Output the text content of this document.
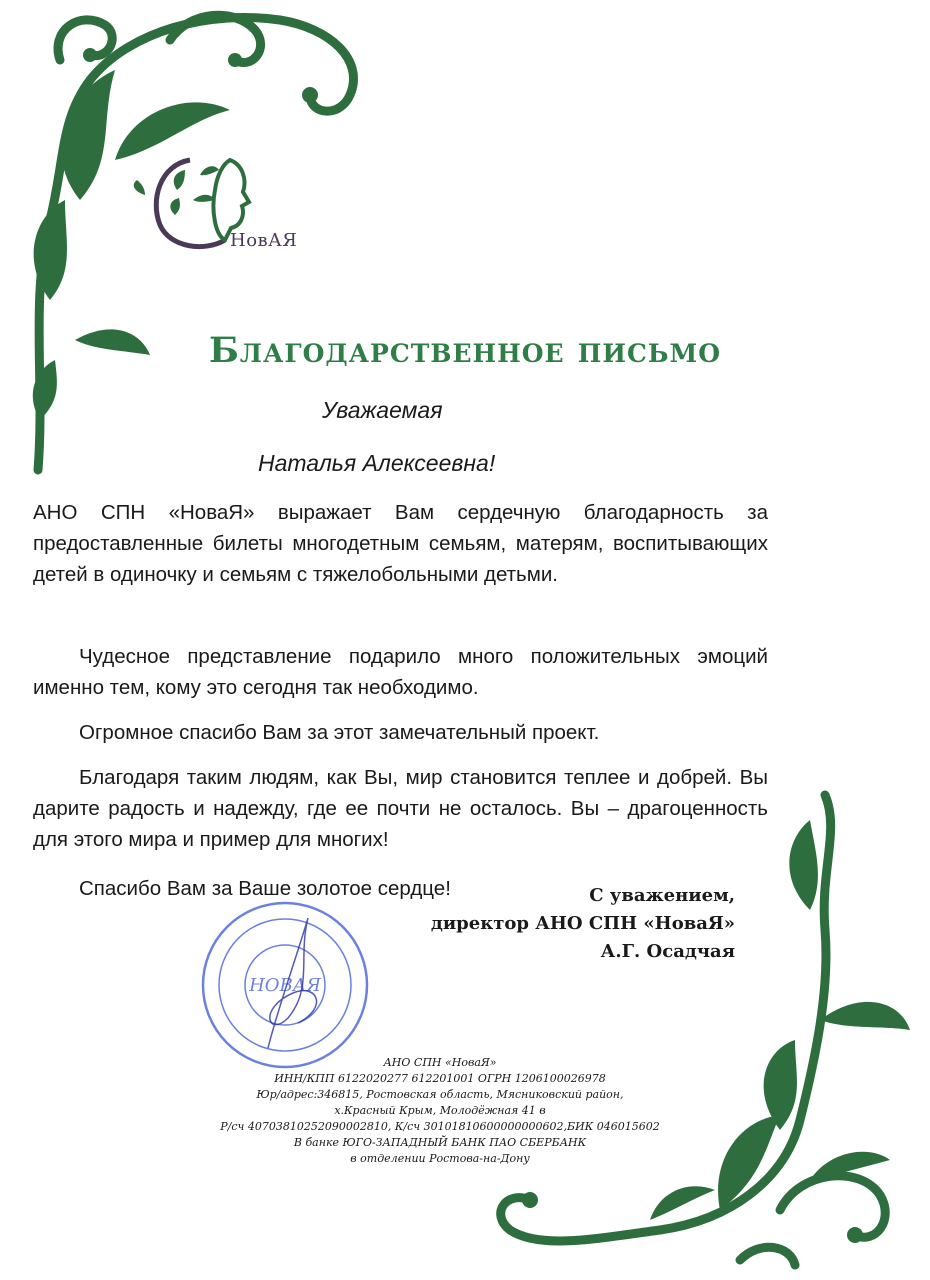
НовАЯ
Благодарственное письмо
Уважаемая
Наталья Алексеевна!
АНО СПН «НоваЯ» выражает Вам сердечную благодарность за предоставленные билеты многодетным семьям, матерям, воспитывающих детей в одиночку и семьям с тяжелобольными детьми.
Чудесное представление подарило много положительных эмоций именно тем, кому это сегодня так необходимо.
Огромное спасибо Вам за этот замечательный проект.
Благодаря таким людям, как Вы, мир становится теплее и добрей. Вы дарите радость и надежду, где ее почти не осталось. Вы – драгоценность для этого мира и пример для многих!
Спасибо Вам за Ваше золотое сердце!	С уважением,
директор АНО СПН «НоваЯ»
А.Г. Осадчая
НОВАЯ
АНО СПН «НоваЯ»
ИНН/КПП 6122020277 612201001 ОГРН 1206100026978
Юр/адрес:346815, Ростовская область, Мясниковский район,
х.Красный Крым, Молодёжная 41 в
Р/сч 40703810252090002810, К/сч 30101810600000000602,БИК 046015602
В банке ЮГО-ЗАПАДНЫЙ БАНК ПАО СБЕРБАНК
в отделении Ростова-на-Дону
